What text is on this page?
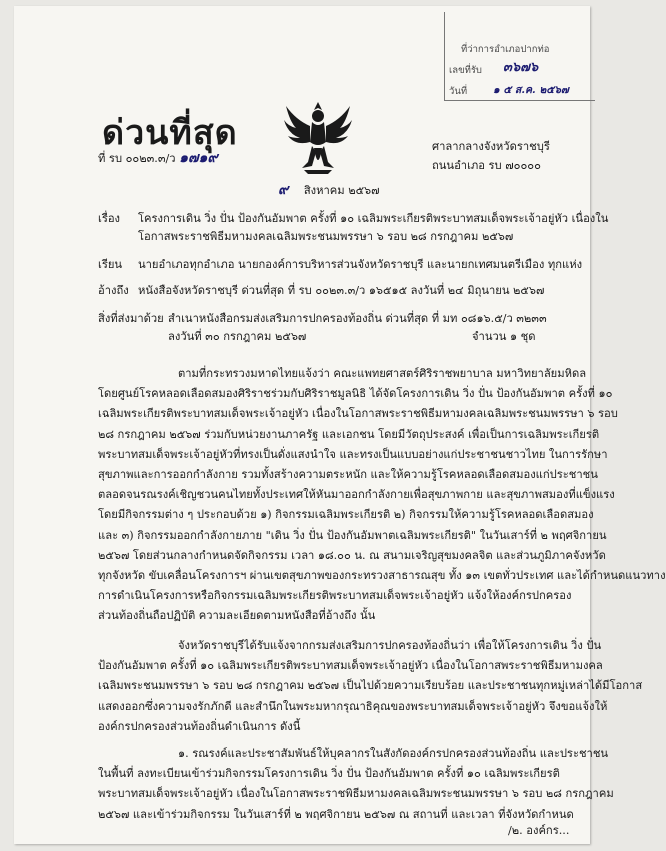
ที่ว่าการอำเภอปากท่อ
เลขที่รับ ๓๖๗๖
วันที่ ๑ ๕ ส.ค. ๒๕๖๗
ด่วนที่สุด
ที่ รบ ๐๐๒๓.๓/ว ๑๗๑๙
ศาลากลางจังหวัดราชบุรี
ถนนอำเภอ รบ ๗๐๐๐๐
๙ สิงหาคม ๒๕๖๗
เรื่อง โครงการเดิน วิ่ง ปั่น ป้องกันอัมพาต ครั้งที่ ๑๐ เฉลิมพระเกียรติพระบาทสมเด็จพระเจ้าอยู่หัว เนื่องใน
โอกาสพระราชพิธีมหามงคลเฉลิมพระชนมพรรษา ๖ รอบ ๒๘ กรกฎาคม ๒๕๖๗
เรียน นายอำเภอทุกอำเภอ นายกองค์การบริหารส่วนจังหวัดราชบุรี และนายกเทศมนตรีเมือง ทุกแห่ง
อ้างถึง หนังสือจังหวัดราชบุรี ด่วนที่สุด ที่ รบ ๐๐๒๓.๓/ว ๑๖๕๑๕ ลงวันที่ ๒๔ มิถุนายน ๒๕๖๗
สิ่งที่ส่งมาด้วย สำเนาหนังสือกรมส่งเสริมการปกครองท้องถิ่น ด่วนที่สุด ที่ มท ๐๘๑๖.๕/ว ๓๒๓๓
ลงวันที่ ๓๐ กรกฎาคม ๒๕๖๗	จำนวน ๑ ชุด
ตามที่กระทรวงมหาดไทยแจ้งว่า คณะแพทยศาสตร์ศิริราชพยาบาล มหาวิทยาลัยมหิดล
โดยศูนย์โรคหลอดเลือดสมองศิริราชร่วมกับศิริราชมูลนิธิ ได้จัดโครงการเดิน วิ่ง ปั่น ป้องกันอัมพาต ครั้งที่ ๑๐
เฉลิมพระเกียรติพระบาทสมเด็จพระเจ้าอยู่หัว เนื่องในโอกาสพระราชพิธีมหามงคลเฉลิมพระชนมพรรษา ๖ รอบ
๒๘ กรกฎาคม ๒๕๖๗ ร่วมกับหน่วยงานภาครัฐ และเอกชน โดยมีวัตถุประสงค์ เพื่อเป็นการเฉลิมพระเกียรติ
พระบาทสมเด็จพระเจ้าอยู่หัวที่ทรงเป็นดั่งแสงนำใจ และทรงเป็นแบบอย่างแก่ประชาชนชาวไทย ในการรักษา
สุขภาพและการออกกำลังกาย รวมทั้งสร้างความตระหนัก และให้ความรู้โรคหลอดเลือดสมองแก่ประชาชน
ตลอดจนรณรงค์เชิญชวนคนไทยทั้งประเทศให้หันมาออกกำลังกายเพื่อสุขภาพกาย และสุขภาพสมองที่แข็งแรง
โดยมีกิจกรรมต่าง ๆ ประกอบด้วย ๑) กิจกรรมเฉลิมพระเกียรติ ๒) กิจกรรมให้ความรู้โรคหลอดเลือดสมอง
และ ๓) กิจกรรมออกกำลังกายภาย "เดิน วิ่ง ปั่น ป้องกันอัมพาตเฉลิมพระเกียรติ" ในวันเสาร์ที่ ๒ พฤศจิกายน
๒๕๖๗ โดยส่วนกลางกำหนดจัดกิจกรรม เวลา ๑๘.๐๐ น. ณ สนามเจริญสุขมงคลจิต และส่วนภูมิภาคจังหวัด
ทุกจังหวัด ขับเคลื่อนโครงการฯ ผ่านเขตสุขภาพของกระทรวงสาธารณสุข ทั้ง ๑๓ เขตทั่วประเทศ และได้กำหนดแนวทาง
การดำเนินโครงการหรือกิจกรรมเฉลิมพระเกียรติพระบาทสมเด็จพระเจ้าอยู่หัว แจ้งให้องค์กรปกครอง
ส่วนท้องถิ่นถือปฏิบัติ ความละเอียดตามหนังสือที่อ้างถึง นั้น
จังหวัดราชบุรีได้รับแจ้งจากกรมส่งเสริมการปกครองท้องถิ่นว่า เพื่อให้โครงการเดิน วิ่ง ปั่น
ป้องกันอัมพาต ครั้งที่ ๑๐ เฉลิมพระเกียรติพระบาทสมเด็จพระเจ้าอยู่หัว เนื่องในโอกาสพระราชพิธีมหามงคล
เฉลิมพระชนมพรรษา ๖ รอบ ๒๘ กรกฎาคม ๒๕๖๗ เป็นไปด้วยความเรียบร้อย และประชาชนทุกหมู่เหล่าได้มีโอกาส
แสดงออกซึ่งความจงรักภักดี และสำนึกในพระมหากรุณาธิคุณของพระบาทสมเด็จพระเจ้าอยู่หัว จึงขอแจ้งให้
องค์กรปกครองส่วนท้องถิ่นดำเนินการ ดังนี้
๑. รณรงค์และประชาสัมพันธ์ให้บุคลากรในสังกัดองค์กรปกครองส่วนท้องถิ่น และประชาชน
ในพื้นที่ ลงทะเบียนเข้าร่วมกิจกรรมโครงการเดิน วิ่ง ปั่น ป้องกันอัมพาต ครั้งที่ ๑๐ เฉลิมพระเกียรติ
พระบาทสมเด็จพระเจ้าอยู่หัว เนื่องในโอกาสพระราชพิธีมหามงคลเฉลิมพระชนมพรรษา ๖ รอบ ๒๘ กรกฎาคม
๒๕๖๗ และเข้าร่วมกิจกรรม ในวันเสาร์ที่ ๒ พฤศจิกายน ๒๕๖๗ ณ สถานที่ และเวลา ที่จังหวัดกำหนด
/๒. องค์กร...
